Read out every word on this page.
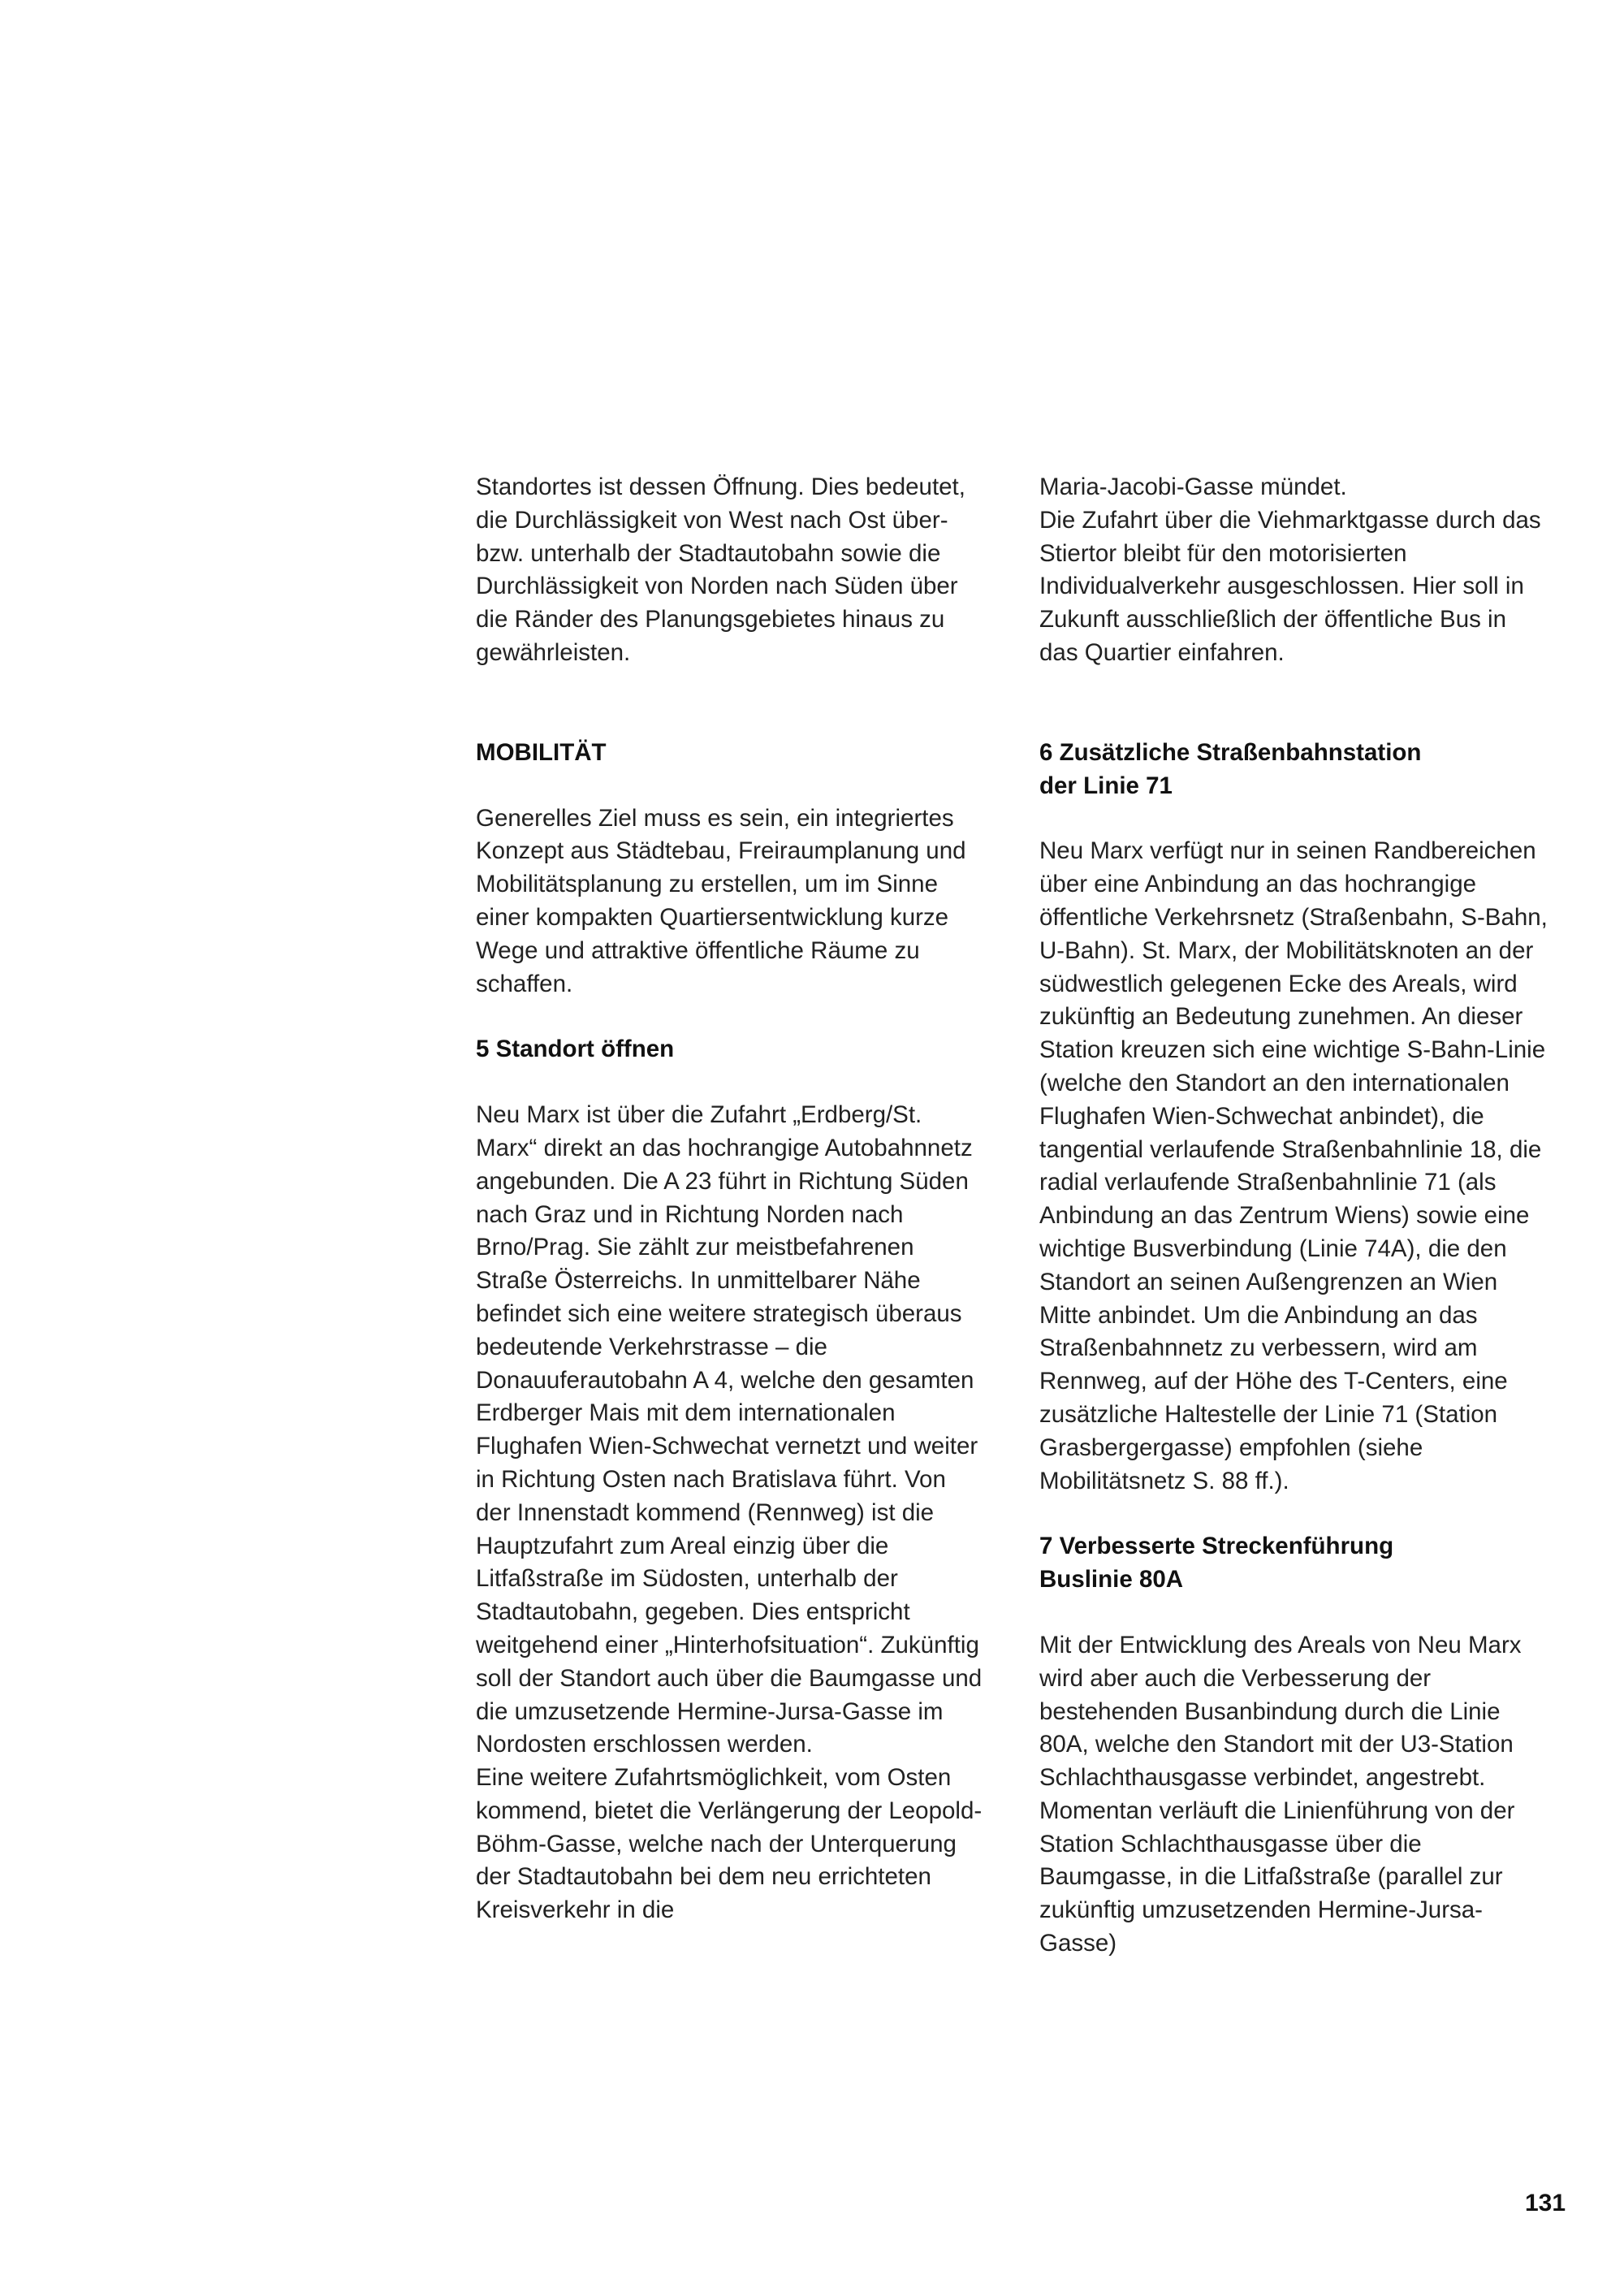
Standortes ist dessen Öffnung. Dies bedeutet, die Durchlässigkeit von West nach Ost über- bzw. unterhalb der Stadtautobahn sowie die Durchlässigkeit von Norden nach Süden über die Ränder des Planungsgebietes hinaus zu gewährleisten.

MOBILITÄT

Generelles Ziel muss es sein, ein integriertes Konzept aus Städtebau, Freiraumplanung und Mobilitätsplanung zu erstellen, um im Sinne einer kompakten Quartiersentwicklung kurze Wege und attraktive öffentliche Räume zu schaffen.

5 Standort öffnen

Neu Marx ist über die Zufahrt „Erdberg/St. Marx“ direkt an das hochrangige Autobahnnetz angebunden. Die A 23 führt in Richtung Süden nach Graz und in Richtung Norden nach Brno/Prag. Sie zählt zur meistbefahrenen Straße Österreichs. In unmittelbarer Nähe befindet sich eine weitere strategisch überaus bedeutende Verkehrstrasse – die Donauuferautobahn A 4, welche den gesamten Erdberger Mais mit dem internationalen Flughafen Wien-Schwechat vernetzt und weiter in Richtung Osten nach Bratislava führt. Von der Innenstadt kommend (Rennweg) ist die Hauptzufahrt zum Areal einzig über die Litfaßstraße im Südosten, unterhalb der Stadtautobahn, gegeben. Dies entspricht weitgehend einer „Hinterhofsituation“. Zukünftig soll der Standort auch über die Baumgasse und die umzusetzende Hermine-Jursa-Gasse im Nordosten erschlossen werden.

Eine weitere Zufahrtsmöglichkeit, vom Osten kommend, bietet die Verlängerung der Leopold-Böhm-Gasse, welche nach der Unterquerung der Stadtautobahn bei dem neu errichteten Kreisverkehr in die

Maria-Jacobi-Gasse mündet.

Die Zufahrt über die Viehmarktgasse durch das Stiertor bleibt für den motorisierten Individualverkehr ausgeschlossen. Hier soll in Zukunft ausschließlich der öffentliche Bus in das Quartier einfahren.

6 Zusätzliche Straßenbahnstation
der Linie 71

Neu Marx verfügt nur in seinen Randbereichen über eine Anbindung an das hochrangige öffentliche Verkehrsnetz (Straßenbahn, S-Bahn, U-Bahn). St. Marx, der Mobilitätsknoten an der südwestlich gelegenen Ecke des Areals, wird zukünftig an Bedeutung zunehmen. An dieser Station kreuzen sich eine wichtige S-Bahn-Linie (welche den Standort an den internationalen Flughafen Wien-Schwechat anbindet), die tangential verlaufende Straßenbahnlinie 18, die radial verlaufende Straßenbahnlinie 71 (als Anbindung an das Zentrum Wiens) sowie eine wichtige Busverbindung (Linie 74A), die den Standort an seinen Außengrenzen an Wien Mitte anbindet. Um die Anbindung an das Straßenbahnnetz zu verbessern, wird am Rennweg, auf der Höhe des T-Centers, eine zusätzliche Haltestelle der Linie 71 (Station Grasbergergasse) empfohlen (siehe Mobilitätsnetz S. 88 ff.).

7 Verbesserte Streckenführung
Buslinie 80A

Mit der Entwicklung des Areals von Neu Marx wird aber auch die Verbesserung der bestehenden Busanbindung durch die Linie 80A, welche den Standort mit der U3-Station Schlachthausgasse verbindet, angestrebt. Momentan verläuft die Linienführung von der Station Schlachthausgasse über die Baumgasse, in die Litfaßstraße (parallel zur zukünftig umzusetzenden Hermine-Jursa-Gasse)

131
